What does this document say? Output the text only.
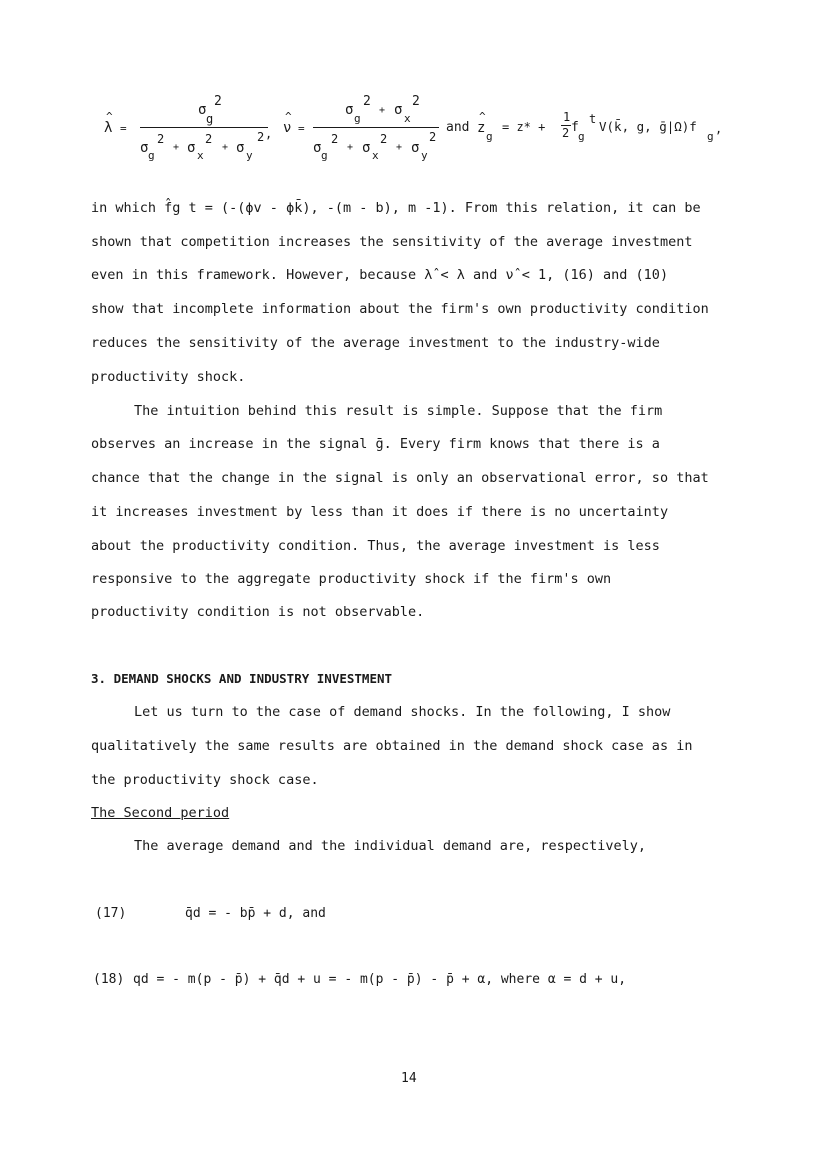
^
λ =
σ
2
g
σ g
2
+ σ x
2
+ σ y
2 ,
^
ν =
σ
g
2
+ σ
x
2
σ g
2
+ σ x
2
+ σ y
2
and
^
z
g
= z* +
1
2 f
g
t V(k̄, g, ḡ|Ω)f
g
,
in which f̂g t = (-(ϕv - ϕk̄), -(m - b), m -1). From this relation, it can be
shown that competition increases the sensitivity of the average investment
even in this framework. However, because λ̂ < λ and ν̂ < 1, (16) and (10)
show that incomplete information about the firm's own productivity condition
reduces the sensitivity of the average investment to the industry-wide
productivity shock.
The intuition behind this result is simple. Suppose that the firm
observes an increase in the signal ḡ. Every firm knows that there is a
chance that the change in the signal is only an observational error, so that
it increases investment by less than it does if there is no uncertainty
about the productivity condition. Thus, the average investment is less
responsive to the aggregate productivity shock if the firm's own
productivity condition is not observable.
3. DEMAND SHOCKS AND INDUSTRY INVESTMENT
Let us turn to the case of demand shocks. In the following, I show
qualitatively the same results are obtained in the demand shock case as in
the productivity shock case.
The Second period
The average demand and the individual demand are, respectively,
(17)	q̄d = - bp̄ + d, and
(18) qd = - m(p - p̄) + q̄d + u = - m(p - p̄) - p̄ + α, where α = d + u,
14
